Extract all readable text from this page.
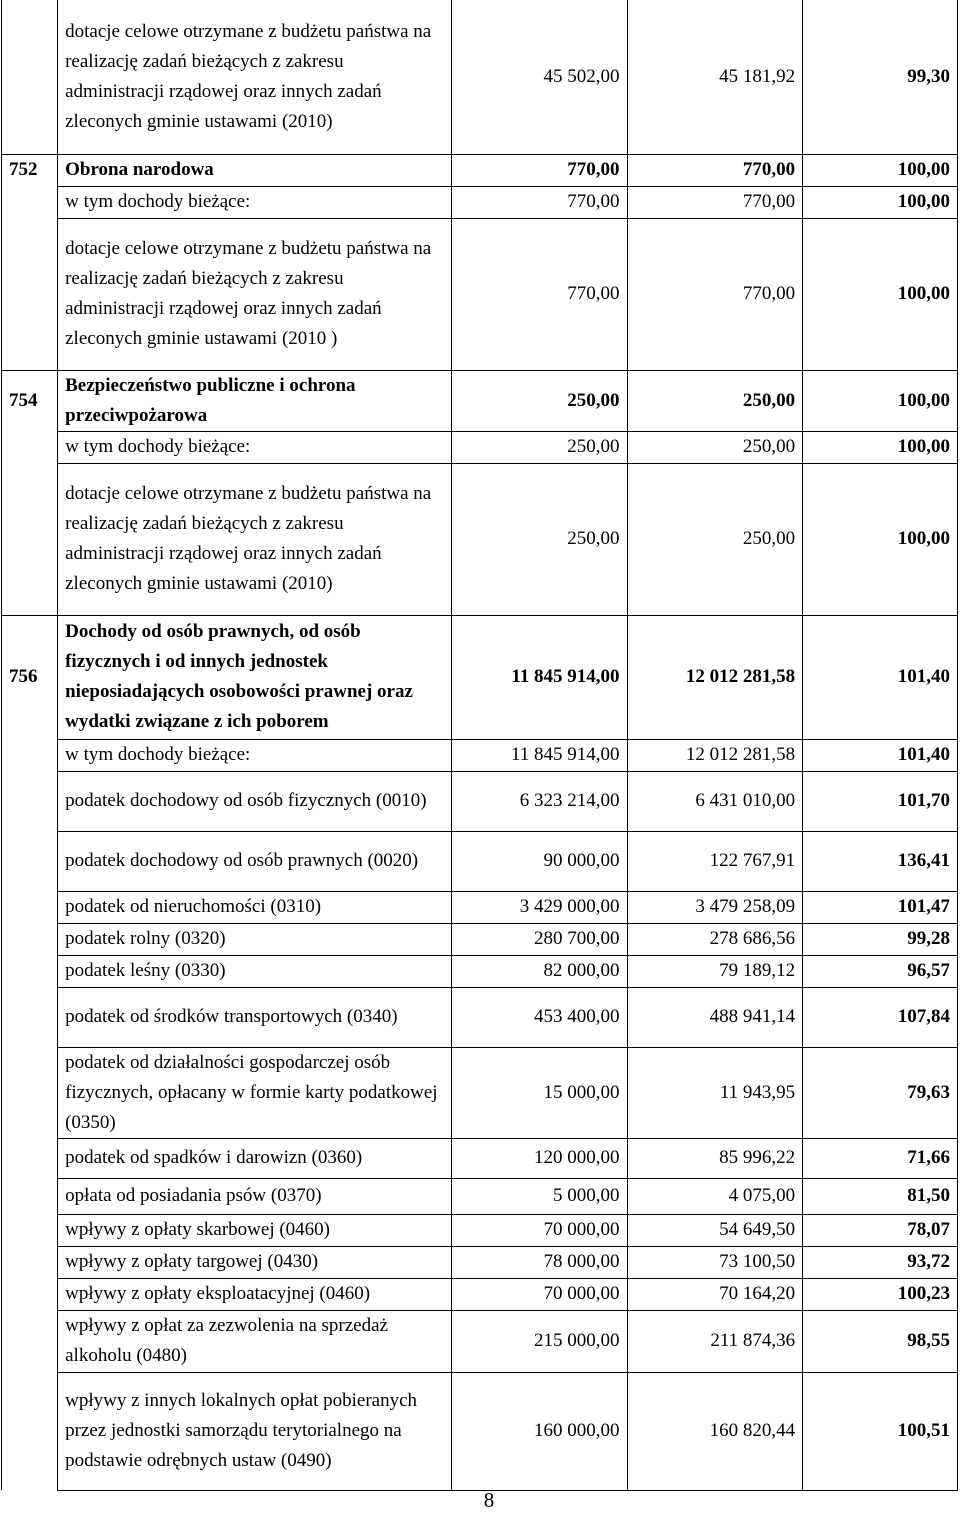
	dotacje celowe otrzymane z budżetu państwa na realizację zadań bieżących z zakresu administracji rządowej oraz innych zadań zleconych gminie ustawami (2010)	45 502,00	45 181,92	99,30
752	Obrona narodowa	770,00	770,00	100,00
	w tym dochody bieżące:	770,00	770,00	100,00
	dotacje celowe otrzymane z budżetu państwa na realizację zadań bieżących z zakresu administracji rządowej oraz innych zadań zleconych gminie ustawami (2010 )	770,00	770,00	100,00
754	Bezpieczeństwo publiczne i ochrona przeciwpożarowa	250,00	250,00	100,00
	w tym dochody bieżące:	250,00	250,00	100,00
	dotacje celowe otrzymane z budżetu państwa na realizację zadań bieżących z zakresu administracji rządowej oraz innych zadań zleconych gminie ustawami (2010)	250,00	250,00	100,00
756	Dochody od osób prawnych, od osób fizycznych i od innych jednostek nieposiadających osobowości prawnej oraz wydatki związane z ich poborem	11 845 914,00	12 012 281,58	101,40
	w tym dochody bieżące:	11 845 914,00	12 012 281,58	101,40
	podatek dochodowy od osób fizycznych (0010)	6 323 214,00	6 431 010,00	101,70
	podatek dochodowy od osób prawnych (0020)	90 000,00	122 767,91	136,41
	podatek od nieruchomości (0310)	3 429 000,00	3 479 258,09	101,47
	podatek rolny (0320)	280 700,00	278 686,56	99,28
	podatek leśny (0330)	82 000,00	79 189,12	96,57
	podatek od środków transportowych (0340)	453 400,00	488 941,14	107,84
	podatek od działalności gospodarczej osób fizycznych, opłacany w formie karty podatkowej (0350)	15 000,00	11 943,95	79,63
	podatek od spadków i darowizn (0360)	120 000,00	85 996,22	71,66
	opłata od posiadania psów (0370)	5 000,00	4 075,00	81,50
	wpływy z opłaty skarbowej (0460)	70 000,00	54 649,50	78,07
	wpływy z opłaty targowej (0430)	78 000,00	73 100,50	93,72
	wpływy z opłaty eksploatacyjnej (0460)	70 000,00	70 164,20	100,23
	wpływy z opłat za zezwolenia na sprzedaż alkoholu (0480)	215 000,00	211 874,36	98,55
	wpływy z innych lokalnych opłat pobieranych przez jednostki samorządu terytorialnego na podstawie odrębnych ustaw (0490)	160 000,00	160 820,44	100,51
8
